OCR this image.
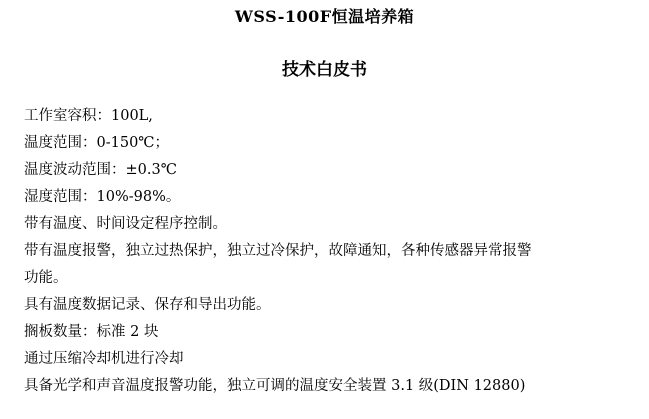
WSS-100F恒温培养箱
技术白皮书
工作室容积：100L,
温度范围：0-150℃；
温度波动范围：±0.3℃
湿度范围：10%-98%。
带有温度、时间设定程序控制。
带有温度报警，独立过热保护，独立过冷保护，故障通知，各种传感器异常报警
功能。
具有温度数据记录、保存和导出功能。
搁板数量：标准 2 块
通过压缩冷却机进行冷却
具备光学和声音温度报警功能，独立可调的温度安全装置 3.1 级(DIN 12880)
